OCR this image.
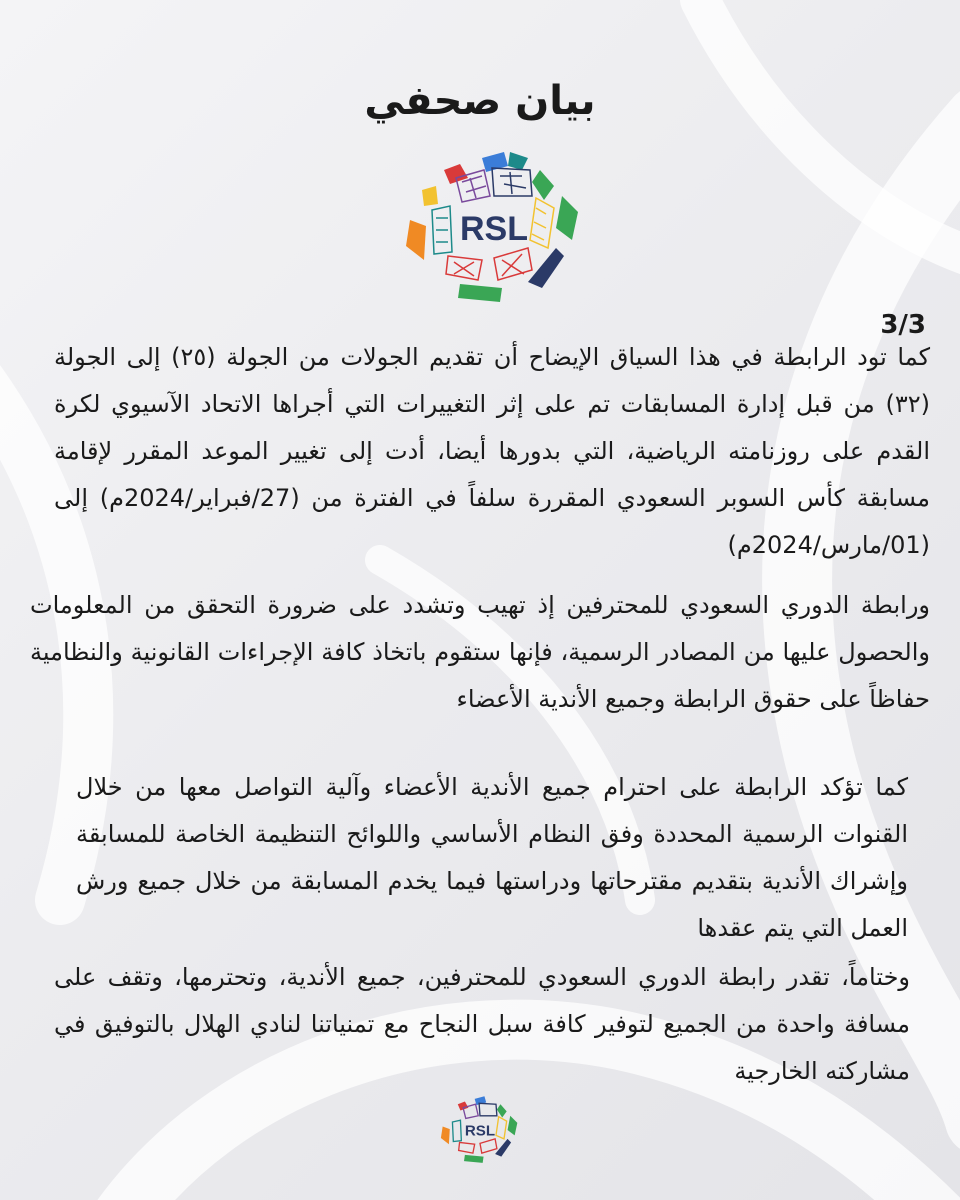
بيان صحفي
RSL
3/3

كما تود الرابطة في هذا السياق الإيضاح أن تقديم الجولات من الجولة (٢٥) إلى الجولة (٣٢) من قبل إدارة المسابقات تم على إثر التغييرات التي أجراها الاتحاد الآسيوي لكرة القدم على روزنامته الرياضية، التي بدورها أيضا، أدت إلى تغيير الموعد المقرر لإقامة مسابقة كأس السوبر السعودي المقررة سلفاً في الفترة من (27/فبراير/2024م) إلى (01/مارس/2024م)

ورابطة الدوري السعودي للمحترفين إذ تهيب وتشدد على ضرورة التحقق من المعلومات والحصول عليها من المصادر الرسمية، فإنها ستقوم باتخاذ كافة الإجراءات القانونية والنظامية حفاظاً على حقوق الرابطة وجميع الأندية الأعضاء

كما تؤكد الرابطة على احترام جميع الأندية الأعضاء وآلية التواصل معها من خلال القنوات الرسمية المحددة وفق النظام الأساسي واللوائح التنظيمة الخاصة للمسابقة وإشراك الأندية بتقديم مقترحاتها ودراستها فيما يخدم المسابقة من خلال جميع ورش العمل التي يتم عقدها

وختاماً، تقدر رابطة الدوري السعودي للمحترفين، جميع الأندية، وتحترمها، وتقف على مسافة واحدة من الجميع لتوفير كافة سبل النجاح مع تمنياتنا لنادي الهلال بالتوفيق في مشاركته الخارجية

RSL
